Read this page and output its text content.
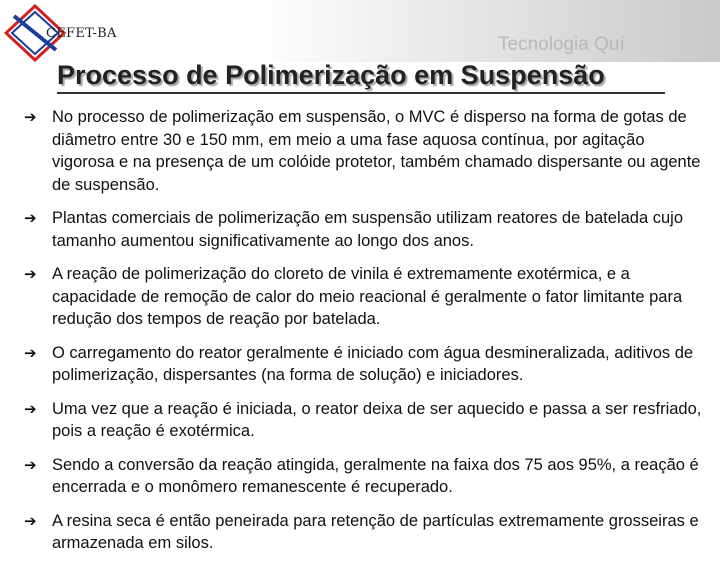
CEFET-BA
Tecnologia Quí
Processo de Polimerização em Suspensão
➔ No processo de polimerização em suspensão, o MVC é disperso na forma de gotas de diâmetro entre 30 e 150 mm, em meio a uma fase aquosa contínua, por agitação vigorosa e na presença de um colóide protetor, também chamado dispersante ou agente de suspensão.
➔ Plantas comerciais de polimerização em suspensão utilizam reatores de batelada cujo tamanho aumentou significativamente ao longo dos anos.
➔ A reação de polimerização do cloreto de vinila é extremamente exotérmica, e a capacidade de remoção de calor do meio reacional é geralmente o fator limitante para redução dos tempos de reação por batelada.
➔ O carregamento do reator geralmente é iniciado com água desmineralizada, aditivos de polimerização, dispersantes (na forma de solução) e iniciadores.
➔ Uma vez que a reação é iniciada, o reator deixa de ser aquecido e passa a ser resfriado, pois a reação é exotérmica.
➔ Sendo a conversão da reação atingida, geralmente na faixa dos 75 aos 95%, a reação é encerrada e o monômero remanescente é recuperado.
➔ A resina seca é então peneirada para retenção de partículas extremamente grosseiras e armazenada em silos.
